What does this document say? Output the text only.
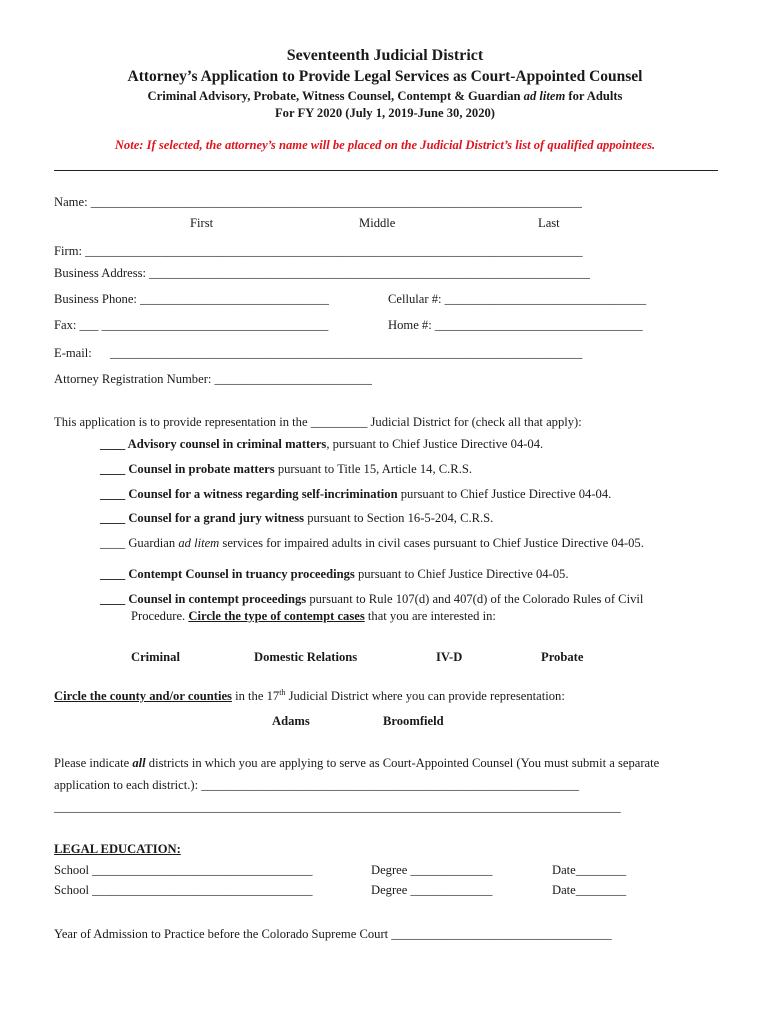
Seventeenth Judicial District
Attorney’s Application to Provide Legal Services as Court-Appointed Counsel
Criminal Advisory, Probate, Witness Counsel, Contempt & Guardian ad litem for Adults
For FY 2020 (July 1, 2019-June 30, 2020)
Note: If selected, the attorney’s name will be placed on the Judicial District’s list of qualified appointees.
Name: ______________________________________________________________________________
First	Middle	Last
Firm: _______________________________________________________________________________
Business Address: ______________________________________________________________________
Business Phone: ______________________________	Cellular #: ________________________________
Fax: ___ ____________________________________	Home #: _________________________________
E-mail: ___________________________________________________________________________
Attorney Registration Number: _________________________
This application is to provide representation in the _________ Judicial District for (check all that apply):
____ Advisory counsel in criminal matters, pursuant to Chief Justice Directive 04-04.
____ Counsel in probate matters pursuant to Title 15, Article 14, C.R.S.
____ Counsel for a witness regarding self-incrimination pursuant to Chief Justice Directive 04-04.
____ Counsel for a grand jury witness pursuant to Section 16-5-204, C.R.S.
____ Guardian ad litem services for impaired adults in civil cases pursuant to Chief Justice Directive 04-05.
____ Contempt Counsel in truancy proceedings pursuant to Chief Justice Directive 04-05.
____ Counsel in contempt proceedings pursuant to Rule 107(d) and 407(d) of the Colorado Rules of Civil
Procedure. Circle the type of contempt cases that you are interested in:
Criminal	Domestic Relations	IV-D	Probate
Circle the county and/or counties in the 17th Judicial District where you can provide representation:
Adams	Broomfield
Please indicate all districts in which you are applying to serve as Court-Appointed Counsel (You must submit a separate
application to each district.): ____________________________________________________________
__________________________________________________________________________________________
LEGAL EDUCATION:
School ___________________________________	Degree _____________	Date________
School ___________________________________	Degree _____________	Date________
Year of Admission to Practice before the Colorado Supreme Court ___________________________________
